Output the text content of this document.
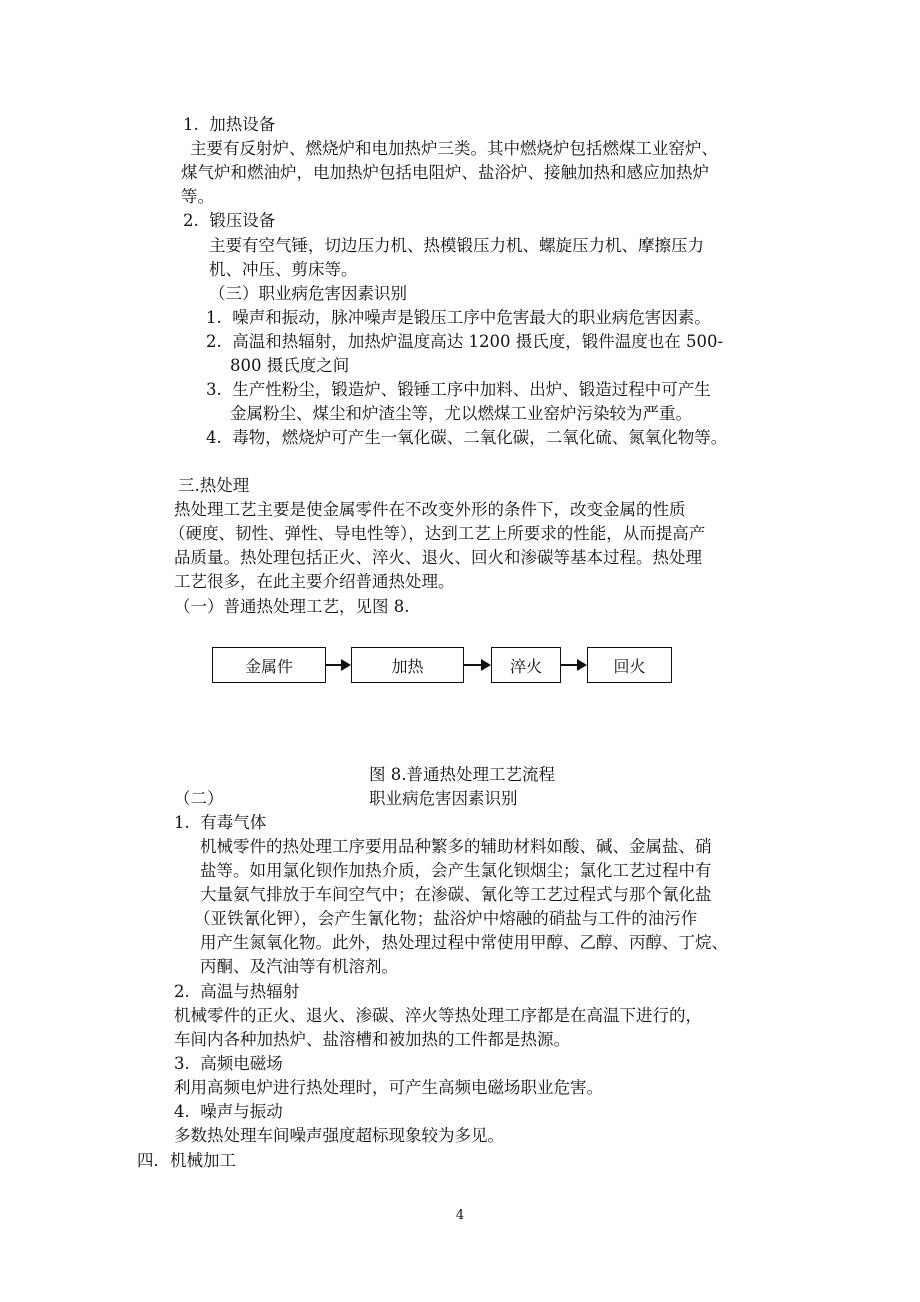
1. 加热设备
主要有反射炉、燃烧炉和电加热炉三类。其中燃烧炉包括燃煤工业窑炉、
煤气炉和燃油炉，电加热炉包括电阻炉、盐浴炉、接触加热和感应加热炉
等。
2. 锻压设备
主要有空气锤，切边压力机、热模锻压力机、螺旋压力机、摩擦压力
机、冲压、剪床等。
（三）职业病危害因素识别
1. 噪声和振动，脉冲噪声是锻压工序中危害最大的职业病危害因素。
2. 高温和热辐射，加热炉温度高达 1200 摄氏度，锻件温度也在 500-
800 摄氏度之间
3. 生产性粉尘，锻造炉、锻锤工序中加料、出炉、锻造过程中可产生
金属粉尘、煤尘和炉渣尘等，尤以燃煤工业窑炉污染较为严重。
4. 毒物，燃烧炉可产生一氧化碳、二氧化碳，二氧化硫、氮氧化物等。
三.热处理
热处理工艺主要是使金属零件在不改变外形的条件下，改变金属的性质
（硬度、韧性、弹性、导电性等），达到工艺上所要求的性能，从而提高产
品质量。热处理包括正火、淬火、退火、回火和渗碳等基本过程。热处理
工艺很多，在此主要介绍普通热处理。
（一）普通热处理工艺，见图 8.
金属件	加热	淬火	回火
图 8.普通热处理工艺流程
（二）	职业病危害因素识别
1. 有毒气体
机械零件的热处理工序要用品种繁多的辅助材料如酸、碱、金属盐、硝
盐等。如用氯化钡作加热介质，会产生氯化钡烟尘；氯化工艺过程中有
大量氨气排放于车间空气中；在渗碳、氰化等工艺过程式与那个氰化盐
（亚铁氰化钾），会产生氰化物；盐浴炉中熔融的硝盐与工件的油污作
用产生氮氧化物。此外，热处理过程中常使用甲醇、乙醇、丙醇、丁烷、
丙酮、及汽油等有机溶剂。
2. 高温与热辐射
机械零件的正火、退火、渗碳、淬火等热处理工序都是在高温下进行的，
车间内各种加热炉、盐溶槽和被加热的工件都是热源。
3. 高频电磁场
利用高频电炉进行热处理时，可产生高频电磁场职业危害。
4. 噪声与振动
多数热处理车间噪声强度超标现象较为多见。
四．机械加工
4
